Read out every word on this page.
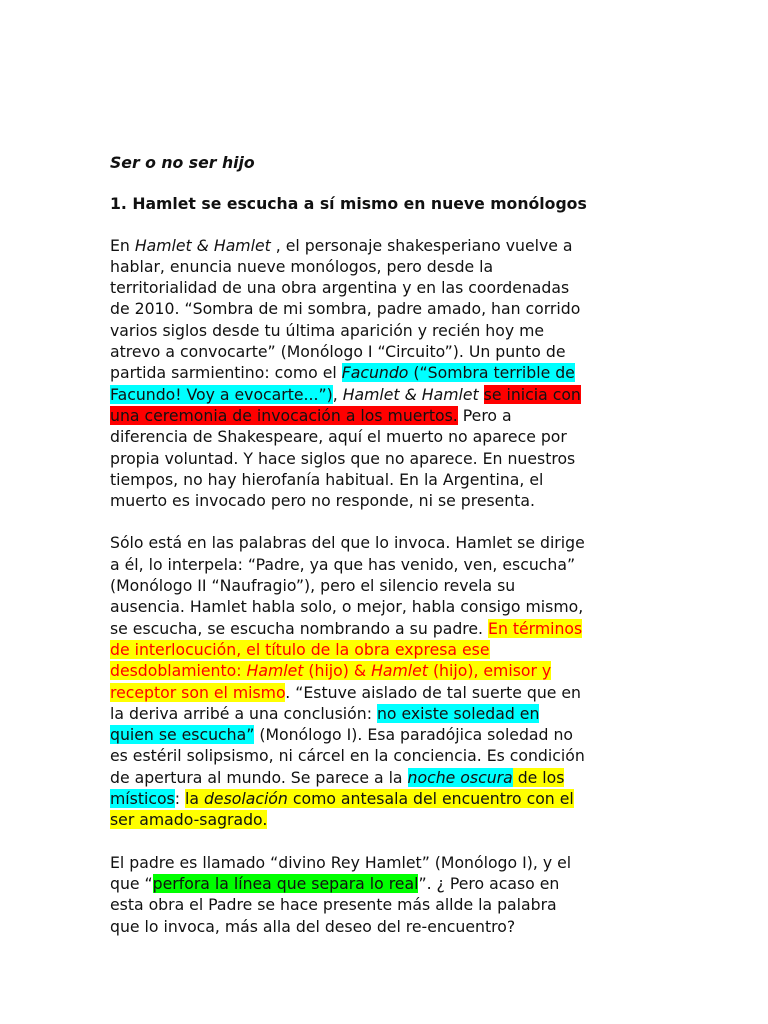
Ser o no ser hijo
1. Hamlet se escucha a sí mismo en nueve monólogos
En Hamlet & Hamlet , el personaje shakesperiano vuelve a
hablar, enuncia nueve monólogos, pero desde la
territorialidad de una obra argentina y en las coordenadas
de 2010. “Sombra de mi sombra, padre amado, han corrido
varios siglos desde tu última aparición y recién hoy me
atrevo a convocarte” (Monólogo I “Circuito”). Un punto de
partida sarmientino: como el Facundo (“Sombra terrible de
Facundo! Voy a evocarte...”), Hamlet & Hamlet se inicia con
una ceremonia de invocación a los muertos. Pero a
diferencia de Shakespeare, aquí el muerto no aparece por
propia voluntad. Y hace siglos que no aparece. En nuestros
tiempos, no hay hierofanía habitual. En la Argentina, el
muerto es invocado pero no responde, ni se presenta.
Sólo está en las palabras del que lo invoca. Hamlet se dirige
a él, lo interpela: “Padre, ya que has venido, ven, escucha”
(Monólogo II “Naufragio”), pero el silencio revela su
ausencia. Hamlet habla solo, o mejor, habla consigo mismo,
se escucha, se escucha nombrando a su padre. En términos
de interlocución, el título de la obra expresa ese
desdoblamiento: Hamlet (hijo) & Hamlet (hijo), emisor y
receptor son el mismo. “Estuve aislado de tal suerte que en
la deriva arribé a una conclusión: no existe soledad en
quien se escucha” (Monólogo I). Esa paradójica soledad no
es estéril solipsismo, ni cárcel en la conciencia. Es condición
de apertura al mundo. Se parece a la noche oscura de los
místicos: la desolación como antesala del encuentro con el
ser amado-sagrado.
El padre es llamado “divino Rey Hamlet” (Monólogo I), y el
que “perfora la línea que separa lo real”. ¿ Pero acaso en
esta obra el Padre se hace presente más allde la palabra
que lo invoca, más alla del deseo del re-encuentro?
